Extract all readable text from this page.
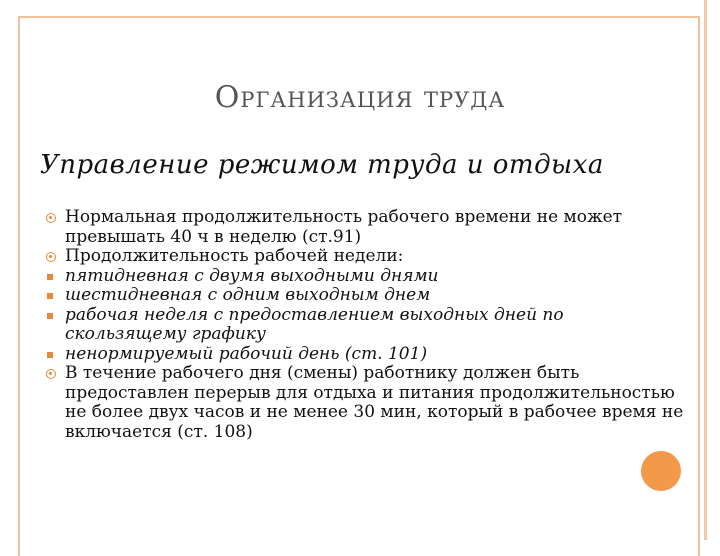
Организация труда
Управление режимом труда и отдыха
Нормальная продолжительность рабочего времени не может превышать 40 ч в неделю (ст.91)
Продолжительность рабочей недели:
пятидневная с двумя выходными днями
шестидневная с одним выходным днем
рабочая неделя с предоставлением выходных дней по скользящему графику
ненормируемый рабочий день (ст. 101)
В течение рабочего дня (смены) работнику должен быть предоставлен перерыв для отдыха и питания продолжительностью не более двух часов и не менее 30 мин, который в рабочее время не включается (ст. 108)
